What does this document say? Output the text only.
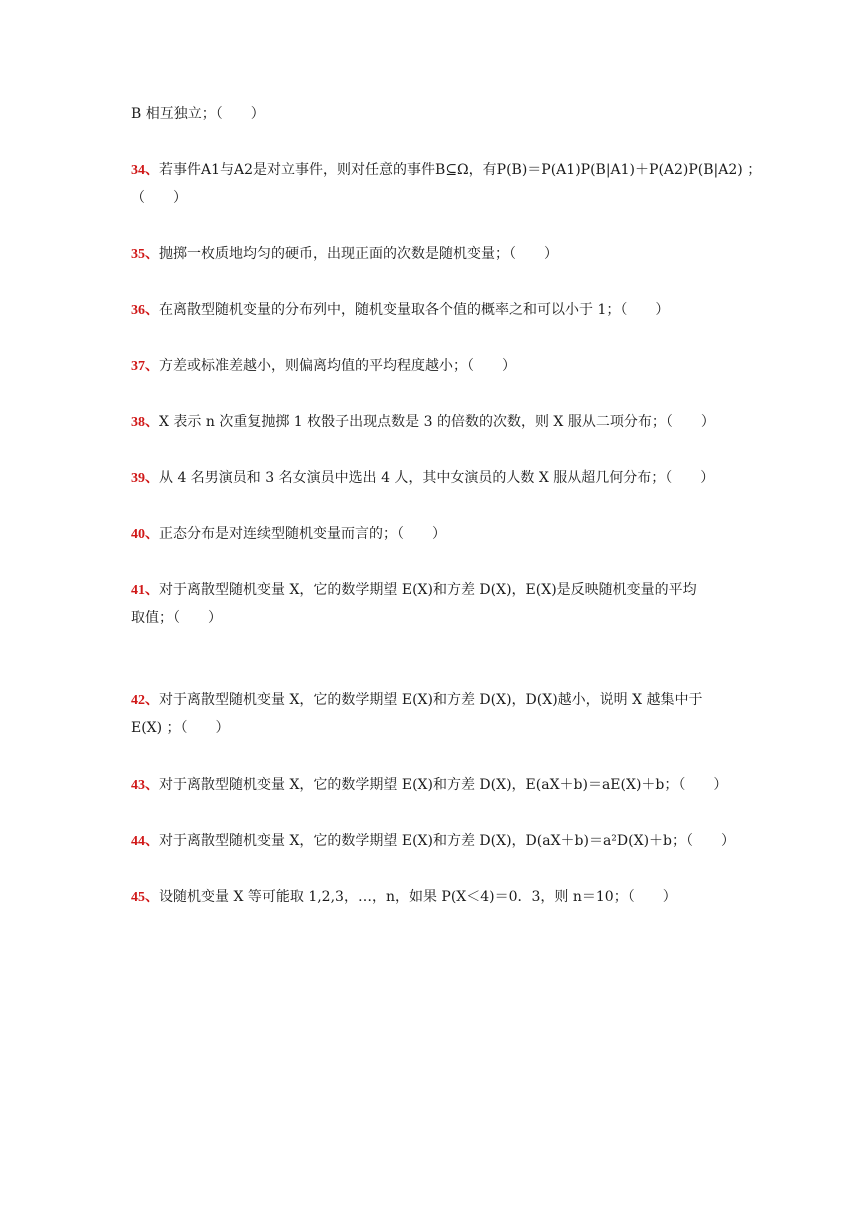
B 相互独立；（　　）
34、若事件A1与A2是对立事件，则对任意的事件B⊆Ω，有P(B)＝P(A1)P(B|A1)＋P(A2)P(B|A2) ；
（　　）
35、抛掷一枚质地均匀的硬币，出现正面的次数是随机变量；（　　）
36、在离散型随机变量的分布列中，随机变量取各个值的概率之和可以小于 1；（　　）
37、方差或标准差越小，则偏离均值的平均程度越小；（　　）
38、X 表示 n 次重复抛掷 1 枚骰子出现点数是 3 的倍数的次数，则 X 服从二项分布；（　　）
39、从 4 名男演员和 3 名女演员中选出 4 人，其中女演员的人数 X 服从超几何分布；（　　）
40、正态分布是对连续型随机变量而言的；（　　）
41、对于离散型随机变量 X，它的数学期望 E(X)和方差 D(X)，E(X)是反映随机变量的平均
取值；（　　）
42、对于离散型随机变量 X，它的数学期望 E(X)和方差 D(X)，D(X)越小，说明 X 越集中于
E(X) ；（　　）
43、对于离散型随机变量 X，它的数学期望 E(X)和方差 D(X)，E(aX＋b)＝aE(X)＋b；（　　）
44、对于离散型随机变量 X，它的数学期望 E(X)和方差 D(X)，D(aX＋b)＝a²D(X)＋b；（　　）
45、设随机变量 X 等可能取 1,2,3，…，n，如果 P(X＜4)＝0．3，则 n＝10；（　　）
